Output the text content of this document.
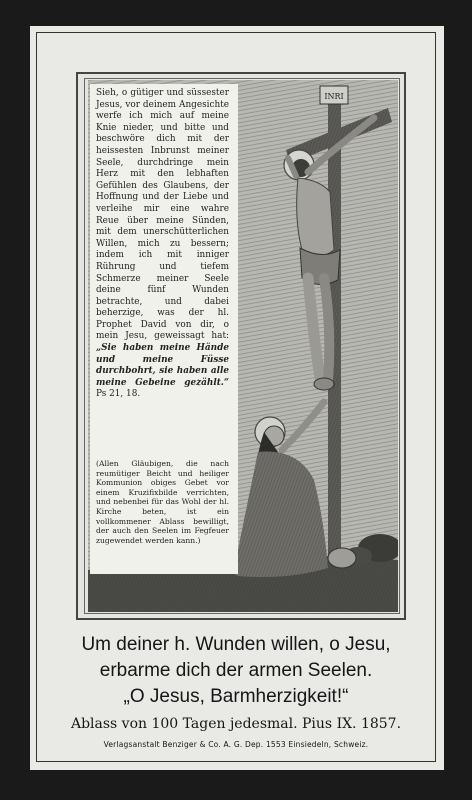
INRI
Sieh, o gütiger und süssester Jesus, vor deinem Angesichte werfe ich mich auf meine Knie nieder, und bitte und beschwöre dich mit der heissesten Inbrunst meiner Seele, durchdringe mein Herz mit den lebhaften Gefühlen des Glaubens, der Hoffnung und der Liebe und verleihe mir eine wahre Reue über meine Sünden, mit dem unerschütterlichen Willen, mich zu bessern; indem ich mit inniger Rührung und tiefem Schmerze meiner Seele deine fünf Wunden betrachte, und dabei beherzige, was der hl. Prophet David von dir, o mein Jesu, geweissagt hat: „Sie haben meine Hände und meine Füsse durchbohrt, sie haben alle meine Gebeine gezählt.“ Ps 21, 18.
(Allen Gläubigen, die nach reumütiger Beicht und heiliger Kommunion obiges Gebet vor einem Kruzifixbilde verrichten, und nebenbei für das Wohl der hl. Kirche beten, ist ein vollkommener Ablass bewilligt, der auch den Seelen im Fegfeuer zugewendet werden kann.)
Um deiner h. Wunden willen, o Jesu,
erbarme dich der armen Seelen.
„O Jesus, Barmherzigkeit!“
Ablass von 100 Tagen jedesmal. Pius IX. 1857.
Verlagsanstalt Benziger & Co. A. G. Dep. 1553 Einsiedeln, Schweiz.
